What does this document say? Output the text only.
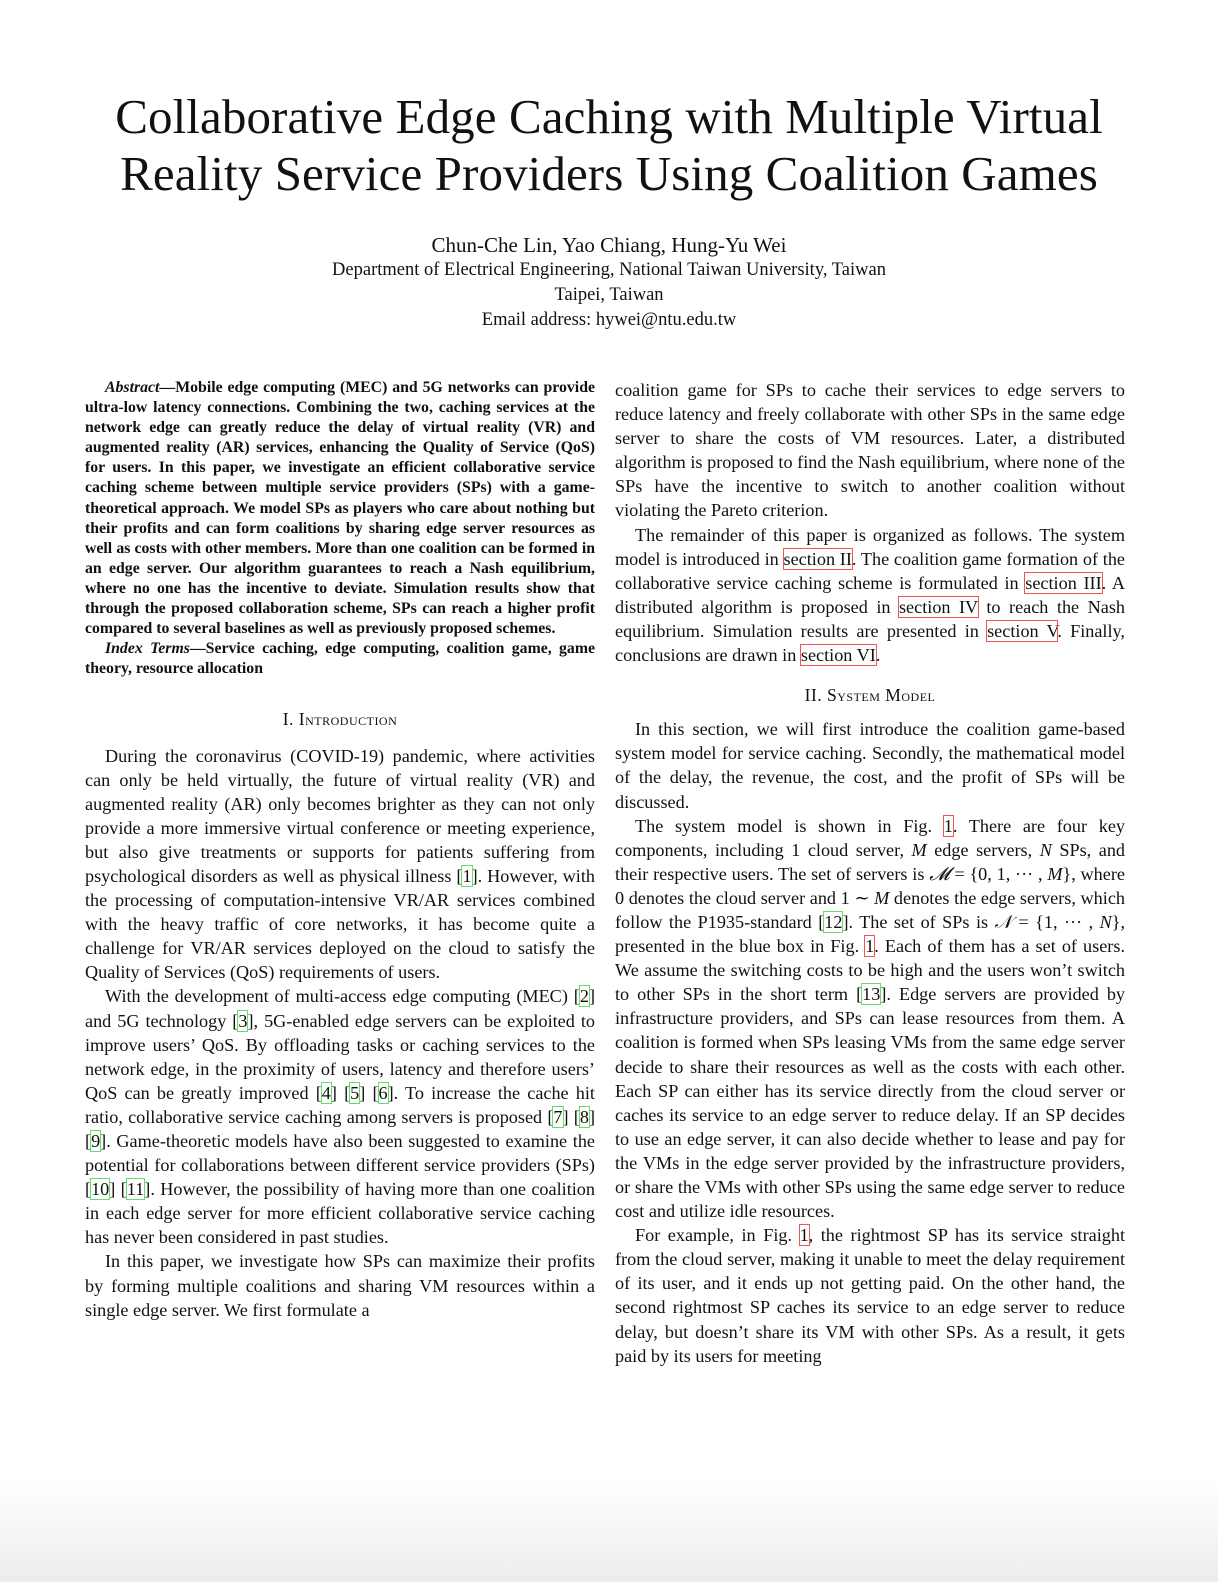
Collaborative Edge Caching with Multiple Virtual
Reality Service Providers Using Coalition Games
Chun-Che Lin, Yao Chiang, Hung-Yu Wei
Department of Electrical Engineering, National Taiwan University, Taiwan
Taipei, Taiwan
Email address: hywei@ntu.edu.tw

Abstract—Mobile edge computing (MEC) and 5G networks can provide ultra-low latency connections. Combining the two, caching services at the network edge can greatly reduce the delay of virtual reality (VR) and augmented reality (AR) services, enhancing the Quality of Service (QoS) for users. In this paper, we investigate an efficient collaborative service caching scheme between multiple service providers (SPs) with a game-theoretical approach. We model SPs as players who care about nothing but their profits and can form coalitions by sharing edge server resources as well as costs with other members. More than one coalition can be formed in an edge server. Our algorithm guarantees to reach a Nash equilibrium, where no one has the incentive to deviate. Simulation results show that through the proposed collaboration scheme, SPs can reach a higher profit compared to several baselines as well as previously proposed schemes.

Index Terms—Service caching, edge computing, coalition game, game theory, resource allocation

I. Introduction

During the coronavirus (COVID-19) pandemic, where activities can only be held virtually, the future of virtual reality (VR) and augmented reality (AR) only becomes brighter as they can not only provide a more immersive virtual conference or meeting experience, but also give treatments or supports for patients suffering from psychological disorders as well as physical illness [1]. However, with the processing of computation-intensive VR/AR services combined with the heavy traffic of core networks, it has become quite a challenge for VR/AR services deployed on the cloud to satisfy the Quality of Services (QoS) requirements of users.

With the development of multi-access edge computing (MEC) [2] and 5G technology [3], 5G-enabled edge servers can be exploited to improve users’ QoS. By offloading tasks or caching services to the network edge, in the proximity of users, latency and therefore users’ QoS can be greatly improved [4] [5] [6]. To increase the cache hit ratio, collaborative service caching among servers is proposed [7] [8] [9]. Game-theoretic models have also been suggested to examine the potential for collaborations between different service providers (SPs) [10] [11]. However, the possibility of having more than one coalition in each edge server for more efficient collaborative service caching has never been considered in past studies.

In this paper, we investigate how SPs can maximize their profits by forming multiple coalitions and sharing VM resources within a single edge server. We first formulate a

coalition game for SPs to cache their services to edge servers to reduce latency and freely collaborate with other SPs in the same edge server to share the costs of VM resources. Later, a distributed algorithm is proposed to find the Nash equilibrium, where none of the SPs have the incentive to switch to another coalition without violating the Pareto criterion.

The remainder of this paper is organized as follows. The system model is introduced in section II. The coalition game formation of the collaborative service caching scheme is formulated in section III. A distributed algorithm is proposed in section IV to reach the Nash equilibrium. Simulation results are presented in section V. Finally, conclusions are drawn in section VI.

II. System Model

In this section, we will first introduce the coalition game-based system model for service caching. Secondly, the mathematical model of the delay, the revenue, the cost, and the profit of SPs will be discussed.

The system model is shown in Fig. 1. There are four key components, including 1 cloud server, M edge servers, N SPs, and their respective users. The set of servers is 𝓜 = {0, 1, ··· , M}, where 0 denotes the cloud server and 1 ∼ M denotes the edge servers, which follow the P1935-standard [12]. The set of SPs is 𝒩 = {1, ··· , N}, presented in the blue box in Fig. 1. Each of them has a set of users. We assume the switching costs to be high and the users won’t switch to other SPs in the short term [13]. Edge servers are provided by infrastructure providers, and SPs can lease resources from them. A coalition is formed when SPs leasing VMs from the same edge server decide to share their resources as well as the costs with each other. Each SP can either has its service directly from the cloud server or caches its service to an edge server to reduce delay. If an SP decides to use an edge server, it can also decide whether to lease and pay for the VMs in the edge server provided by the infrastructure providers, or share the VMs with other SPs using the same edge server to reduce cost and utilize idle resources.

For example, in Fig. 1, the rightmost SP has its service straight from the cloud server, making it unable to meet the delay requirement of its user, and it ends up not getting paid. On the other hand, the second rightmost SP caches its service to an edge server to reduce delay, but doesn’t share its VM with other SPs. As a result, it gets paid by its users for meeting
